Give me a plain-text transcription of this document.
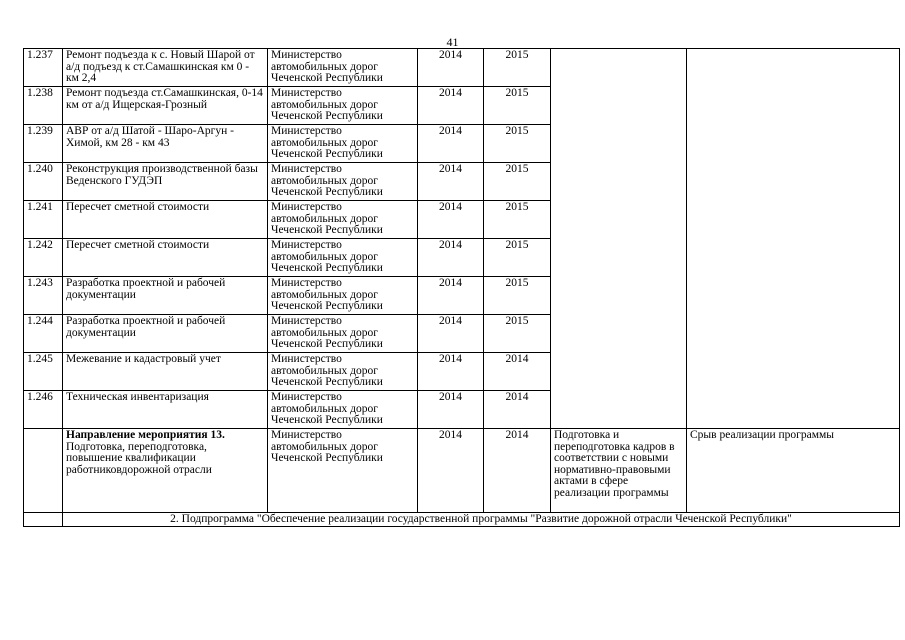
41
1.237	Ремонт подъезда к с. Новый Шарой от а/д подъезд к ст.Самашкинская км 0 - км 2,4	Министерство автомобильных дорог Чеченской Республики	2014	2015		
1.238	Ремонт подъезда ст.Самашкинская, 0-14 км от а/д Ищерская-Грозный	Министерство автомобильных дорог Чеченской Республики	2014	2015		
1.239	АВР от а/д Шатой - Шаро-Аргун - Химой, км 28 - км 43	Министерство автомобильных дорог Чеченской Республики	2014	2015		
1.240	Реконструкция производственной базы Веденского ГУДЭП	Министерство автомобильных дорог Чеченской Республики	2014	2015		
1.241	Пересчет сметной стоимости	Министерство автомобильных дорог Чеченской Республики	2014	2015		
1.242	Пересчет сметной стоимости	Министерство автомобильных дорог Чеченской Республики	2014	2015		
1.243	Разработка проектной и рабочей документации	Министерство автомобильных дорог Чеченской Республики	2014	2015		
1.244	Разработка проектной и рабочей документации	Министерство автомобильных дорог Чеченской Республики	2014	2015		
1.245	Межевание и кадастровый учет	Министерство автомобильных дорог Чеченской Республики	2014	2014		
1.246	Техническая инвентаризация	Министерство автомобильных дорог Чеченской Республики	2014	2014		
	Направление мероприятия 13. Подготовка, переподготовка, повышение квалификации работниковдорожной отрасли	Министерство автомобильных дорог Чеченской Республики	2014	2014	Подготовка и переподготовка кадров в соответствии с новыми нормативно-правовыми актами в сфере реализации программы	Срыв реализации программы
	2. Подпрограмма "Обеспечение реализации государственной программы "Развитие дорожной отрасли Чеченской Республики"					
